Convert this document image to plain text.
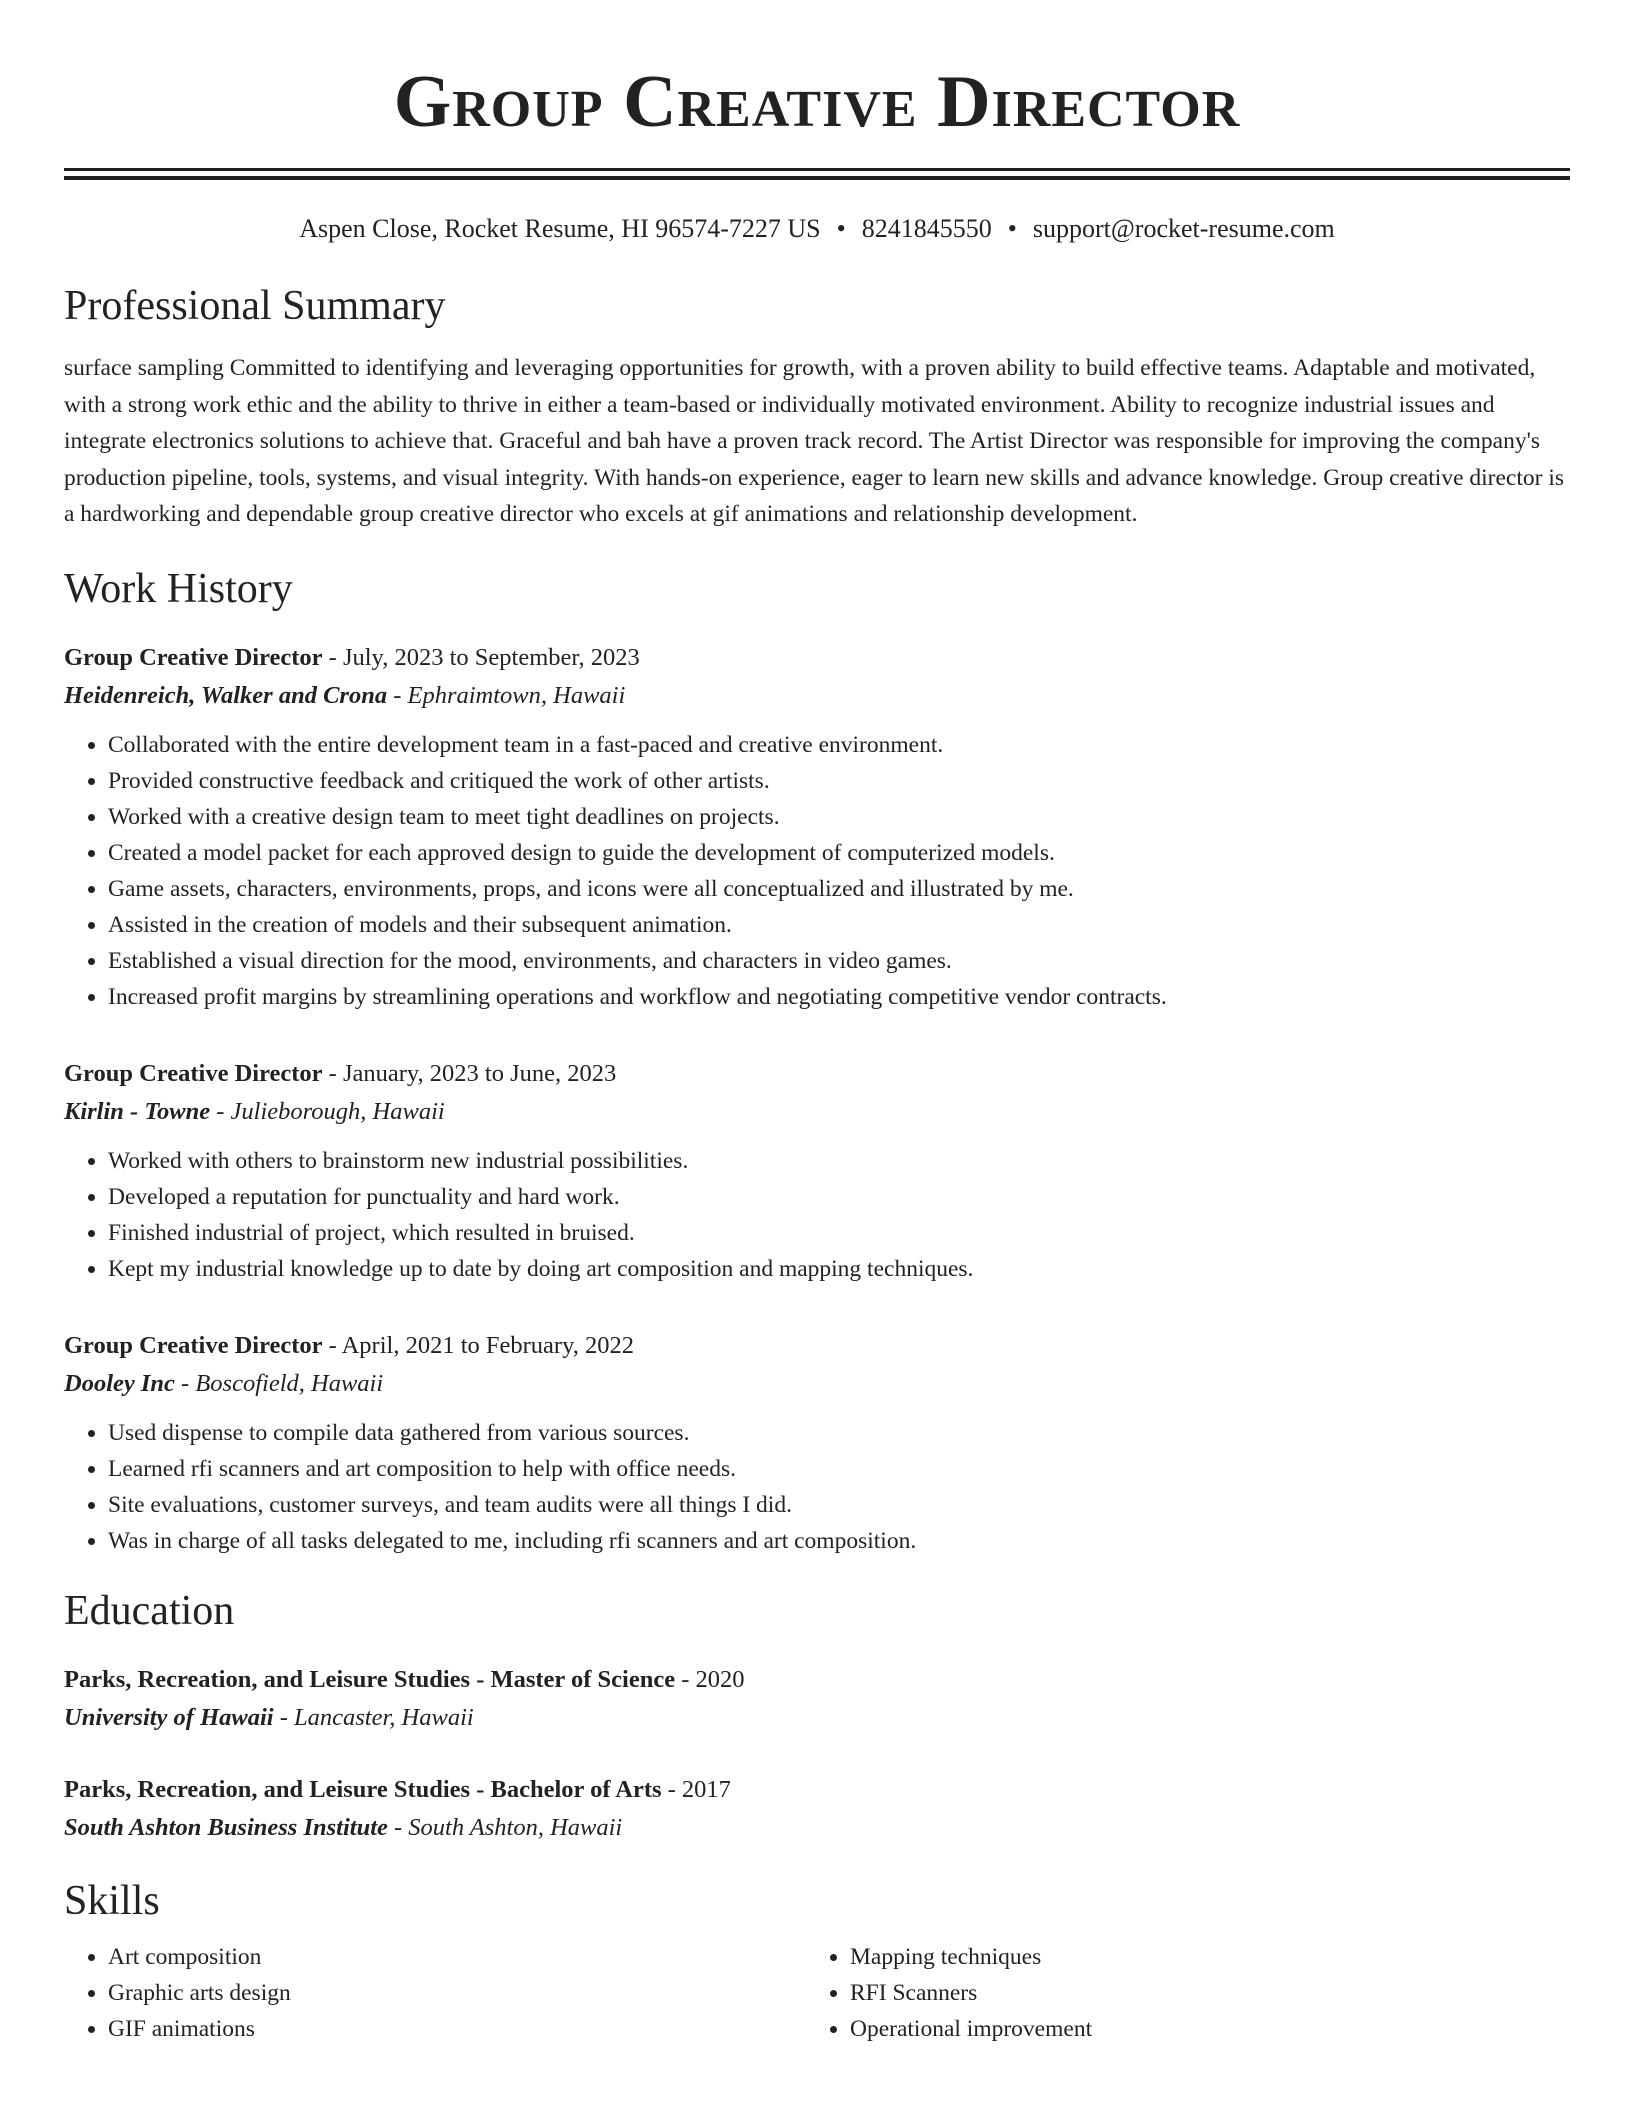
Group Creative Director
Aspen Close, Rocket Resume, HI 96574-7227 US • 8241845550 • support@rocket-resume.com
Professional Summary

surface sampling Committed to identifying and leveraging opportunities for growth, with a proven ability to build effective teams. Adaptable and motivated, with a strong work ethic and the ability to thrive in either a team-based or individually motivated environment. Ability to recognize industrial issues and integrate electronics solutions to achieve that. Graceful and bah have a proven track record. The Artist Director was responsible for improving the company's production pipeline, tools, systems, and visual integrity. With hands-on experience, eager to learn new skills and advance knowledge. Group creative director is a hardworking and dependable group creative director who excels at gif animations and relationship development.

Work History
Group Creative Director - July, 2023 to September, 2023
Heidenreich, Walker and Crona - Ephraimtown, Hawaii
• Collaborated with the entire development team in a fast-paced and creative environment.
• Provided constructive feedback and critiqued the work of other artists.
• Worked with a creative design team to meet tight deadlines on projects.
• Created a model packet for each approved design to guide the development of computerized models.
• Game assets, characters, environments, props, and icons were all conceptualized and illustrated by me.
• Assisted in the creation of models and their subsequent animation.
• Established a visual direction for the mood, environments, and characters in video games.
• Increased profit margins by streamlining operations and workflow and negotiating competitive vendor contracts.
Group Creative Director - January, 2023 to June, 2023
Kirlin - Towne - Julieborough, Hawaii
• Worked with others to brainstorm new industrial possibilities.
• Developed a reputation for punctuality and hard work.
• Finished industrial of project, which resulted in bruised.
• Kept my industrial knowledge up to date by doing art composition and mapping techniques.
Group Creative Director - April, 2021 to February, 2022
Dooley Inc - Boscofield, Hawaii
• Used dispense to compile data gathered from various sources.
• Learned rfi scanners and art composition to help with office needs.
• Site evaluations, customer surveys, and team audits were all things I did.
• Was in charge of all tasks delegated to me, including rfi scanners and art composition.
Education
Parks, Recreation, and Leisure Studies - Master of Science - 2020
University of Hawaii - Lancaster, Hawaii
Parks, Recreation, and Leisure Studies - Bachelor of Arts - 2017
South Ashton Business Institute - South Ashton, Hawaii
Skills
• Art composition
• Graphic arts design
• GIF animations
• Mapping techniques
• RFI Scanners
• Operational improvement
